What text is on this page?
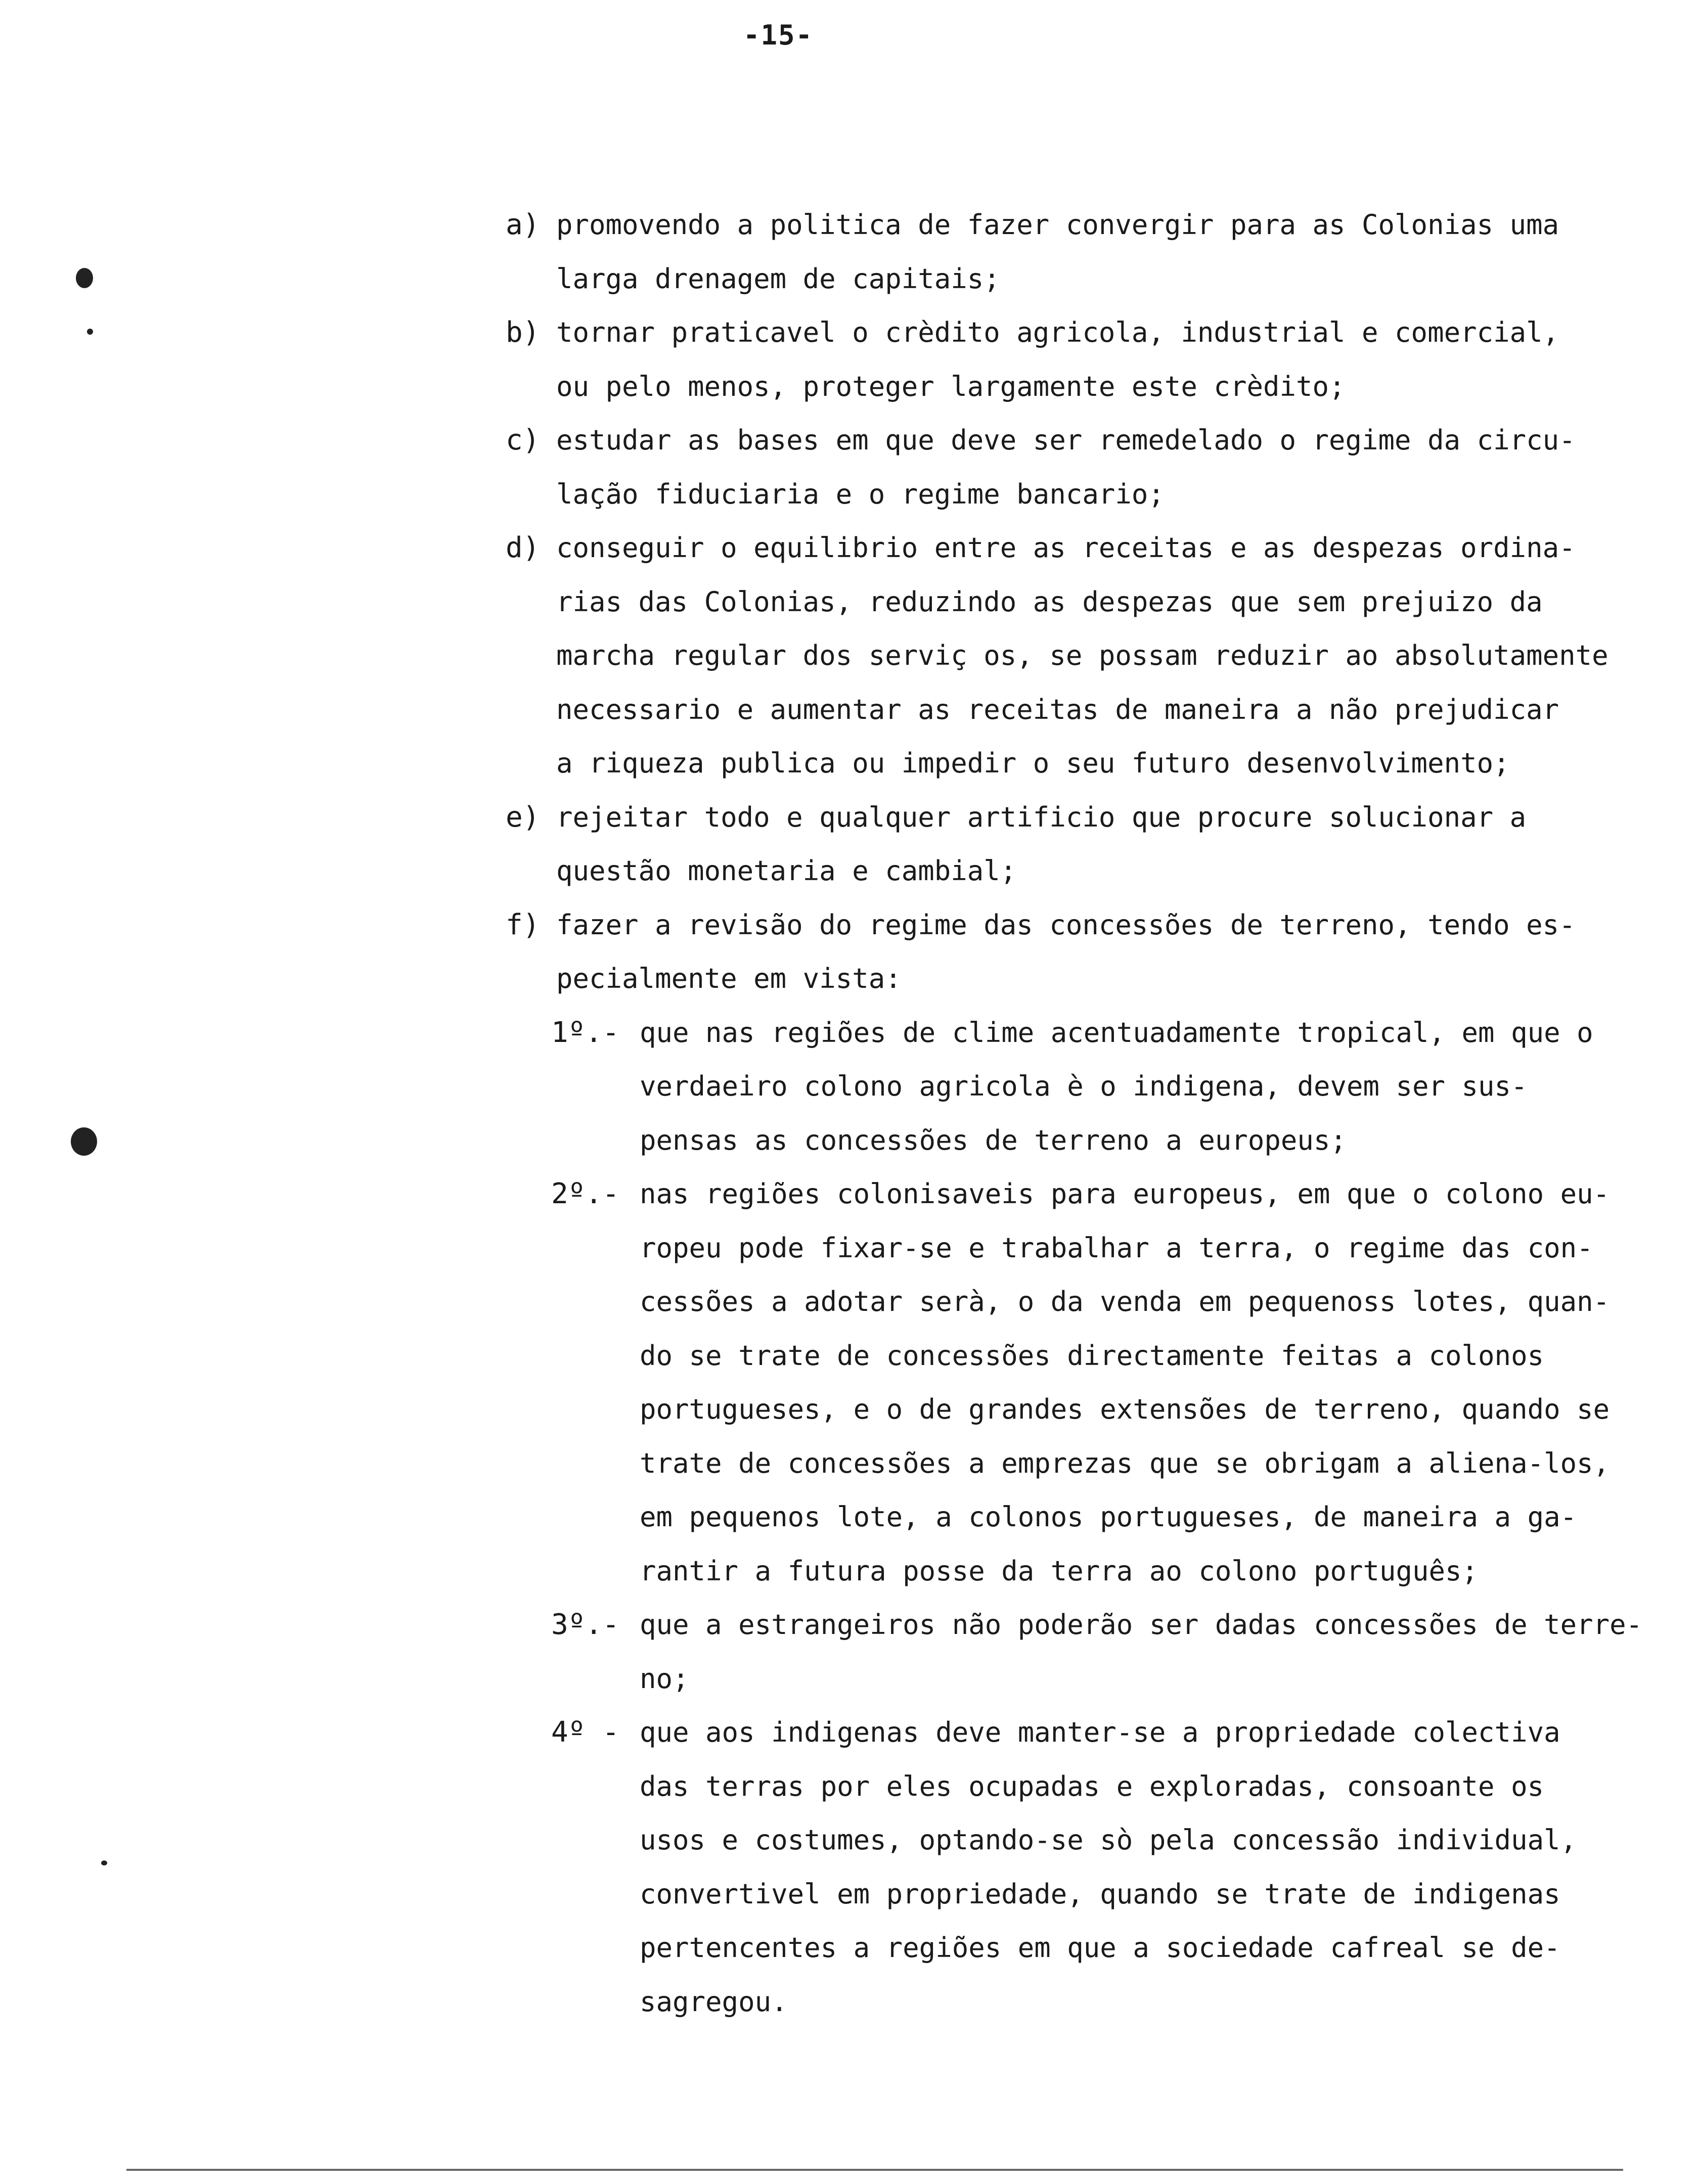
-15-
a) promovendo a politica de fazer convergir para as Colonias uma
larga drenagem de capitais;
b) tornar praticavel o crèdito agricola, industrial e comercial,
ou pelo menos, proteger largamente este crèdito;
c) estudar as bases em que deve ser remedelado o regime da circu-
lação fiduciaria e o regime bancario;
d) conseguir o equilibrio entre as receitas e as despezas ordina-
rias das Colonias, reduzindo as despezas que sem prejuizo da
marcha regular dos serviç os, se possam reduzir ao absolutamente
necessario e aumentar as receitas de maneira a não prejudicar
a riqueza publica ou impedir o seu futuro desenvolvimento;
e) rejeitar todo e qualquer artificio que procure solucionar a
questão monetaria e cambial;
f) fazer a revisão do regime das concessões de terreno, tendo es-
pecialmente em vista:
1º.- que nas regiões de clime acentuadamente tropical, em que o
verdaeiro colono agricola è o indigena, devem ser sus-
pensas as concessões de terreno a europeus;
2º.- nas regiões colonisaveis para europeus, em que o colono eu-
ropeu pode fixar-se e trabalhar a terra, o regime das con-
cessões a adotar serà, o da venda em pequenoss lotes, quan-
do se trate de concessões directamente feitas a colonos
portugueses, e o de grandes extensões de terreno, quando se
trate de concessões a emprezas que se obrigam a aliena-los,
em pequenos lote, a colonos portugueses, de maneira a ga-
rantir a futura posse da terra ao colono português;
3º.- que a estrangeiros não poderão ser dadas concessões de terre-
no;
4º - que aos indigenas deve manter-se a propriedade colectiva
das terras por eles ocupadas e exploradas, consoante os
usos e costumes, optando-se sò pela concessão individual,
convertivel em propriedade, quando se trate de indigenas
pertencentes a regiões em que a sociedade cafreal se de-
sagregou.
